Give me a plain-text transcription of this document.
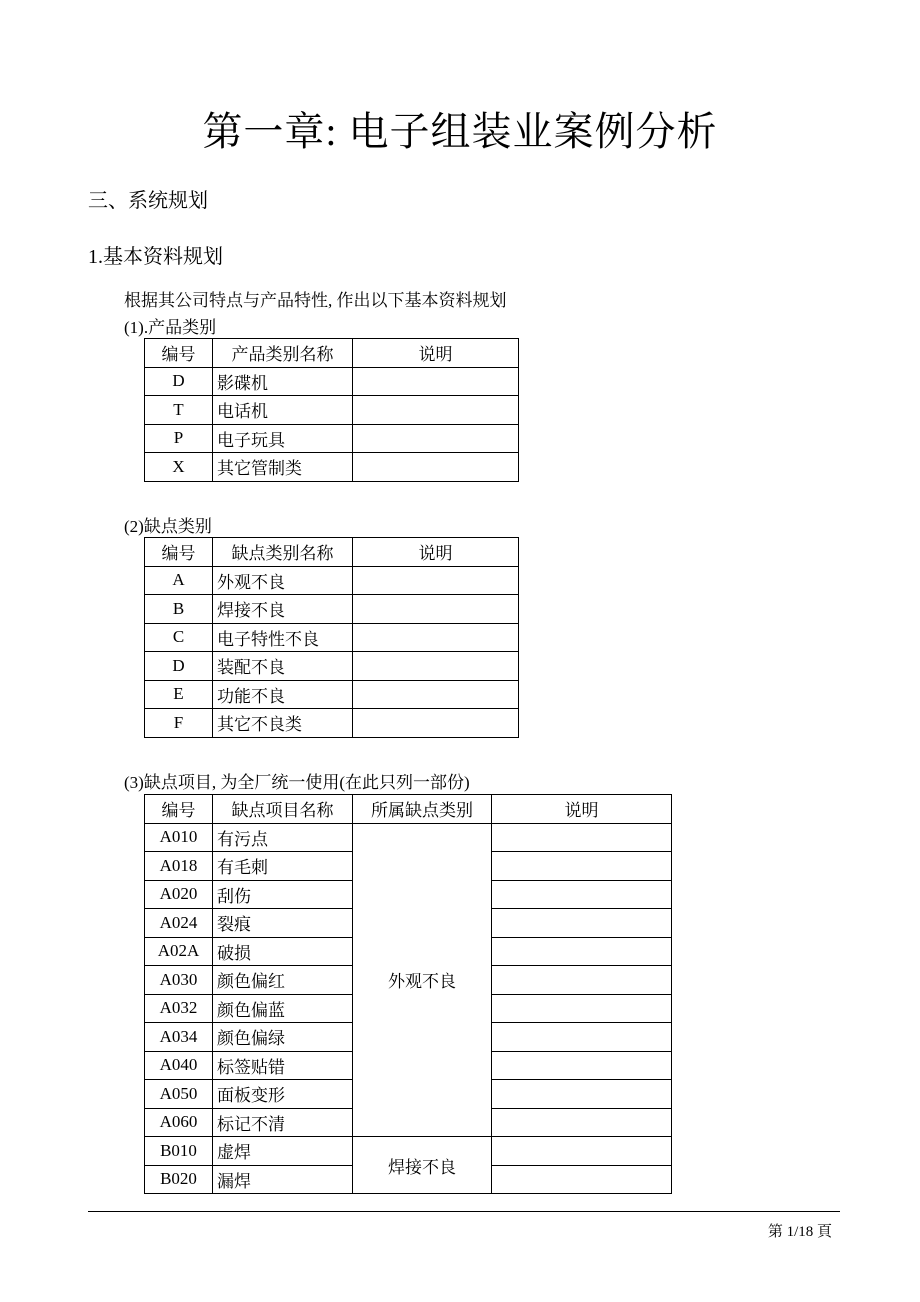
第一章: 电子组装业案例分析
三、系统规划
1.基本资料规划
根据其公司特点与产品特性, 作出以下基本资料规划
(1).产品类别
编号	产品类别名称	说明
D	影碟机	
T	电话机	
P	电子玩具	
X	其它管制类	
(2)缺点类别
编号	缺点类别名称	说明
A	外观不良	
B	焊接不良	
C	电子特性不良	
D	装配不良	
E	功能不良	
F	其它不良类	
(3)缺点项目, 为全厂统一使用(在此只列一部份)
编号	缺点项目名称	所属缺点类别	说明
A010	有污点	外观不良	
A018	有毛刺		
A020	刮伤		
A024	裂痕		
A02A	破损		
A030	颜色偏红		
A032	颜色偏蓝		
A034	颜色偏绿		
A040	标签贴错		
A050	面板变形		
A060	标记不清		
B010	虚焊	焊接不良	
B020	漏焊		
第 1/18 頁
